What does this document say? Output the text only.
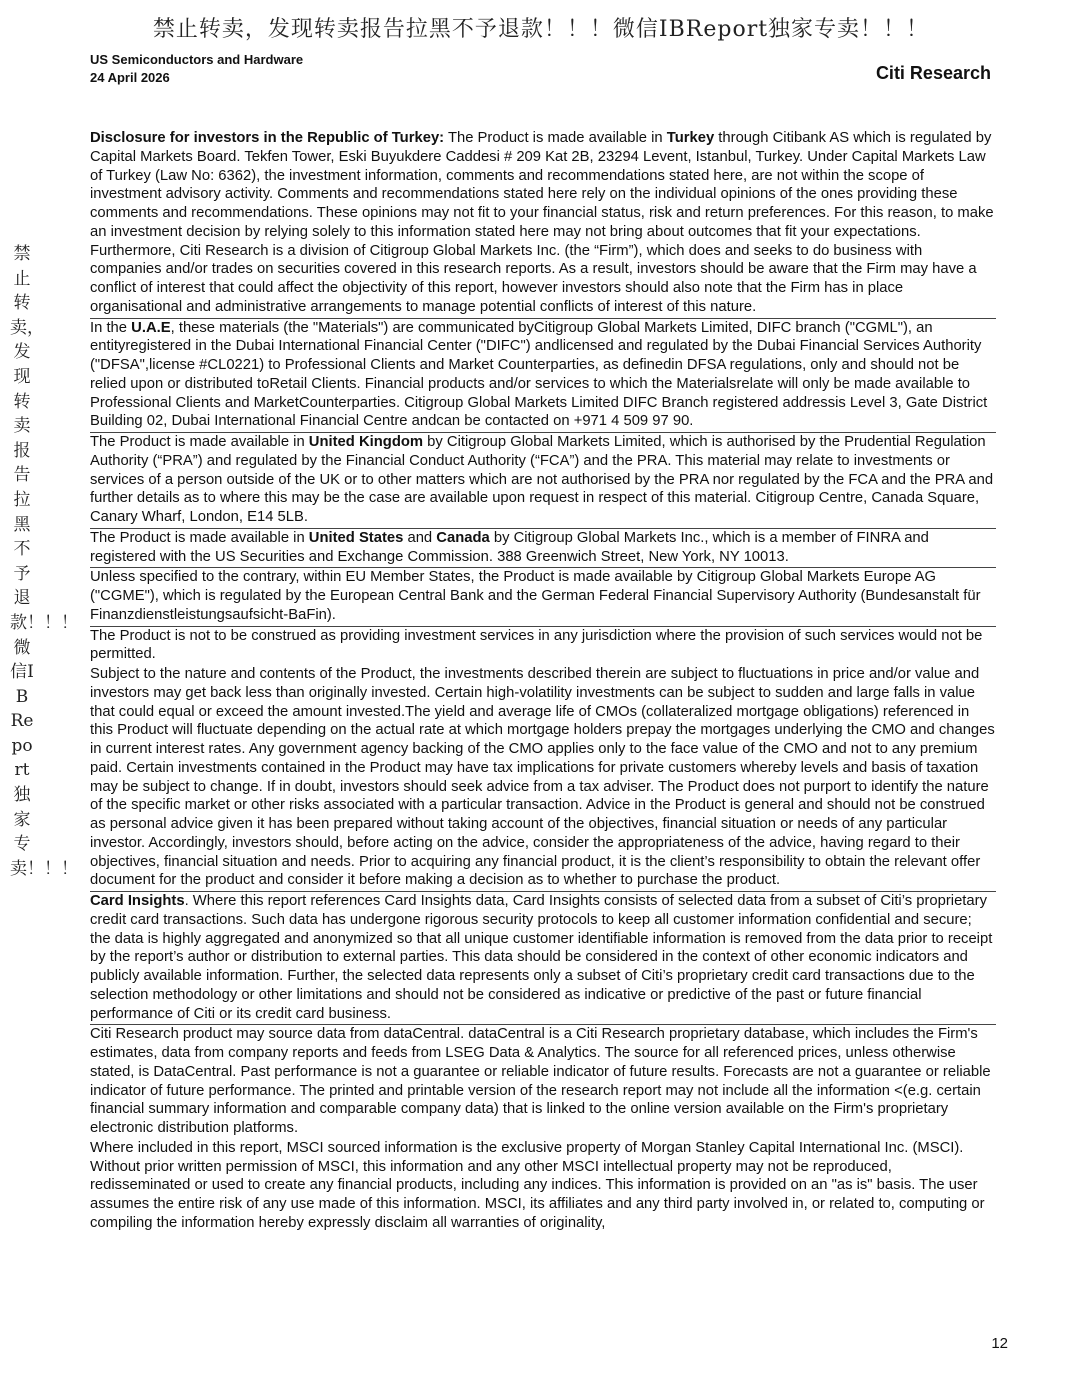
禁止转卖，发现转卖报告拉黑不予退款！！！微信IBReport独家专卖！！！
禁止转卖，发现转卖报告拉黑不予退款！！！微信IBReport独家专卖！！！
US Semiconductors and Hardware
24 April 2026	Citi Research

Disclosure for investors in the Republic of Turkey: The Product is made available in Turkey through Citibank AS which is regulated by Capital Markets Board. Tekfen Tower, Eski Buyukdere Caddesi # 209 Kat 2B, 23294 Levent, Istanbul, Turkey. Under Capital Markets Law of Turkey (Law No: 6362), the investment information, comments and recommendations stated here, are not within the scope of investment advisory activity. Comments and recommendations stated here rely on the individual opinions of the ones providing these comments and recommendations. These opinions may not fit to your financial status, risk and return preferences. For this reason, to make an investment decision by relying solely to this information stated here may not bring about outcomes that fit your expectations. Furthermore, Citi Research is a division of Citigroup Global Markets Inc. (the “Firm”), which does and seeks to do business with companies and/or trades on securities covered in this research reports. As a result, investors should be aware that the Firm may have a conflict of interest that could affect the objectivity of this report, however investors should also note that the Firm has in place organisational and administrative arrangements to manage potential conflicts of interest of this nature.

In the U.A.E, these materials (the "Materials") are communicated byCitigroup Global Markets Limited, DIFC branch ("CGML"), an entityregistered in the Dubai International Financial Center ("DIFC") andlicensed and regulated by the Dubai Financial Services Authority ("DFSA",license #CL0221) to Professional Clients and Market Counterparties, as definedin DFSA regulations, only and should not be relied upon or distributed toRetail Clients. Financial products and/or services to which the Materialsrelate will only be made available to Professional Clients and MarketCounterparties. Citigroup Global Markets Limited DIFC Branch registered addressis Level 3, Gate District Building 02, Dubai International Financial Centre andcan be contacted on +971 4 509 97 90.

The Product is made available in United Kingdom by Citigroup Global Markets Limited, which is authorised by the Prudential Regulation Authority (“PRA”) and regulated by the Financial Conduct Authority (“FCA”) and the PRA. This material may relate to investments or services of a person outside of the UK or to other matters which are not authorised by the PRA nor regulated by the FCA and the PRA and further details as to where this may be the case are available upon request in respect of this material. Citigroup Centre, Canada Square, Canary Wharf, London, E14 5LB.

The Product is made available in United States and Canada by Citigroup Global Markets Inc., which is a member of FINRA and registered with the US Securities and Exchange Commission. 388 Greenwich Street, New York, NY 10013.

Unless specified to the contrary, within EU Member States, the Product is made available by Citigroup Global Markets Europe AG ("CGME"), which is regulated by the European Central Bank and the German Federal Financial Supervisory Authority (Bundesanstalt für Finanzdienstleistungsaufsicht-BaFin).

The Product is not to be construed as providing investment services in any jurisdiction where the provision of such services would not be permitted.

Subject to the nature and contents of the Product, the investments described therein are subject to fluctuations in price and/or value and investors may get back less than originally invested. Certain high-volatility investments can be subject to sudden and large falls in value that could equal or exceed the amount invested.The yield and average life of CMOs (collateralized mortgage obligations) referenced in this Product will fluctuate depending on the actual rate at which mortgage holders prepay the mortgages underlying the CMO and changes in current interest rates. Any government agency backing of the CMO applies only to the face value of the CMO and not to any premium paid. Certain investments contained in the Product may have tax implications for private customers whereby levels and basis of taxation may be subject to change. If in doubt, investors should seek advice from a tax adviser. The Product does not purport to identify the nature of the specific market or other risks associated with a particular transaction. Advice in the Product is general and should not be construed as personal advice given it has been prepared without taking account of the objectives, financial situation or needs of any particular investor. Accordingly, investors should, before acting on the advice, consider the appropriateness of the advice, having regard to their objectives, financial situation and needs. Prior to acquiring any financial product, it is the client’s responsibility to obtain the relevant offer document for the product and consider it before making a decision as to whether to purchase the product.

Card Insights. Where this report references Card Insights data, Card Insights consists of selected data from a subset of Citi’s proprietary credit card transactions. Such data has undergone rigorous security protocols to keep all customer information confidential and secure; the data is highly aggregated and anonymized so that all unique customer identifiable information is removed from the data prior to receipt by the report’s author or distribution to external parties. This data should be considered in the context of other economic indicators and publicly available information. Further, the selected data represents only a subset of Citi’s proprietary credit card transactions due to the selection methodology or other limitations and should not be considered as indicative or predictive of the past or future financial performance of Citi or its credit card business.

Citi Research product may source data from dataCentral. dataCentral is a Citi Research proprietary database, which includes the Firm's estimates, data from company reports and feeds from LSEG Data & Analytics. The source for all referenced prices, unless otherwise stated, is DataCentral. Past performance is not a guarantee or reliable indicator of future results. Forecasts are not a guarantee or reliable indicator of future performance. The printed and printable version of the research report may not include all the information <(e.g. certain financial summary information and comparable company data) that is linked to the online version available on the Firm's proprietary electronic distribution platforms.

Where included in this report, MSCI sourced information is the exclusive property of Morgan Stanley Capital International Inc. (MSCI). Without prior written permission of MSCI, this information and any other MSCI intellectual property may not be reproduced, redisseminated or used to create any financial products, including any indices. This information is provided on an "as is" basis. The user assumes the entire risk of any use made of this information. MSCI, its affiliates and any third party involved in, or related to, computing or compiling the information hereby expressly disclaim all warranties of originality,

12
